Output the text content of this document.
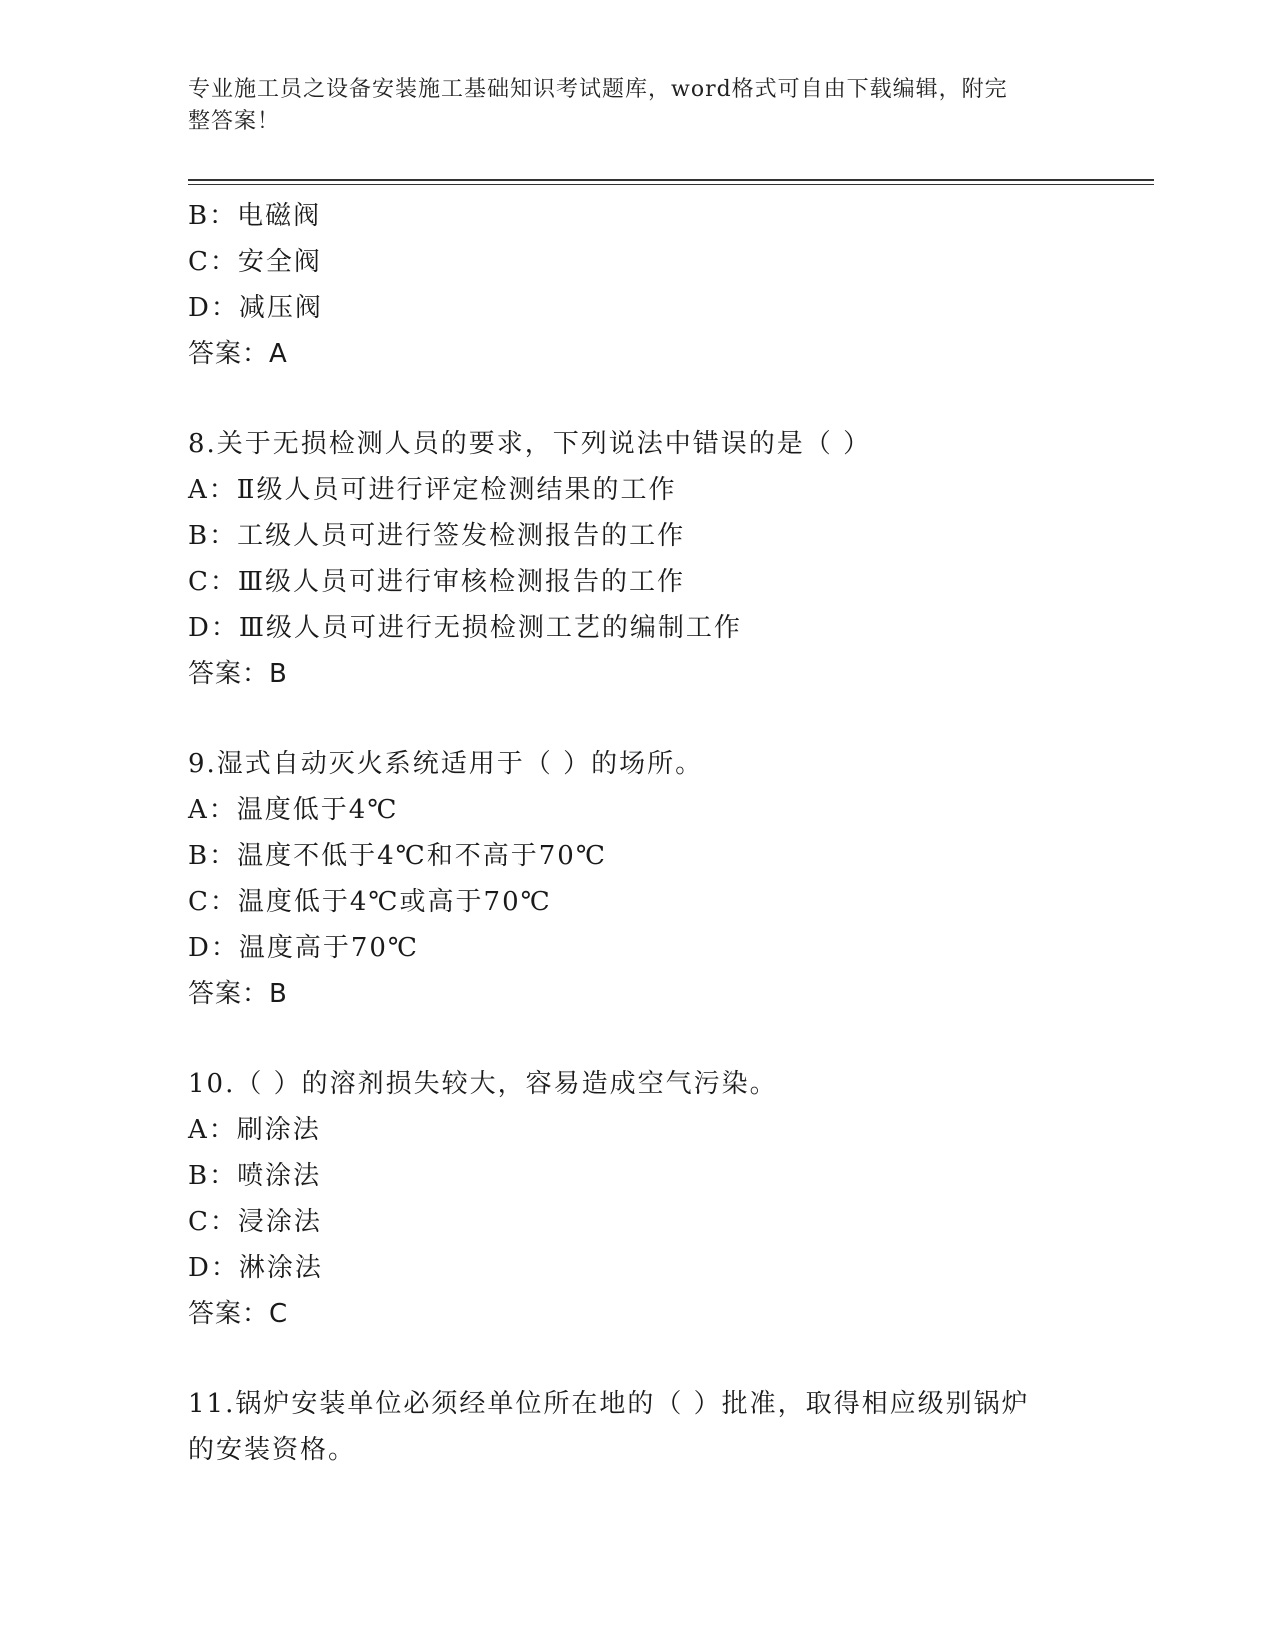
专业施工员之设备安装施工基础知识考试题库，word格式可自由下载编辑，附完
整答案！
B：电磁阀
C：安全阀
D：减压阀
答案：A
8.关于无损检测人员的要求，下列说法中错误的是（ ）
A：Ⅱ级人员可进行评定检测结果的工作
B：工级人员可进行签发检测报告的工作
C：Ⅲ级人员可进行审核检测报告的工作
D：Ⅲ级人员可进行无损检测工艺的编制工作
答案：B
9.湿式自动灭火系统适用于（ ）的场所。
A：温度低于4℃
B：温度不低于4℃和不高于70℃
C：温度低于4℃或高于70℃
D：温度高于70℃
答案：B
10.（ ）的溶剂损失较大，容易造成空气污染。
A：刷涂法
B：喷涂法
C：浸涂法
D：淋涂法
答案：C
11.锅炉安装单位必须经单位所在地的（ ）批准，取得相应级别锅炉
的安装资格。
